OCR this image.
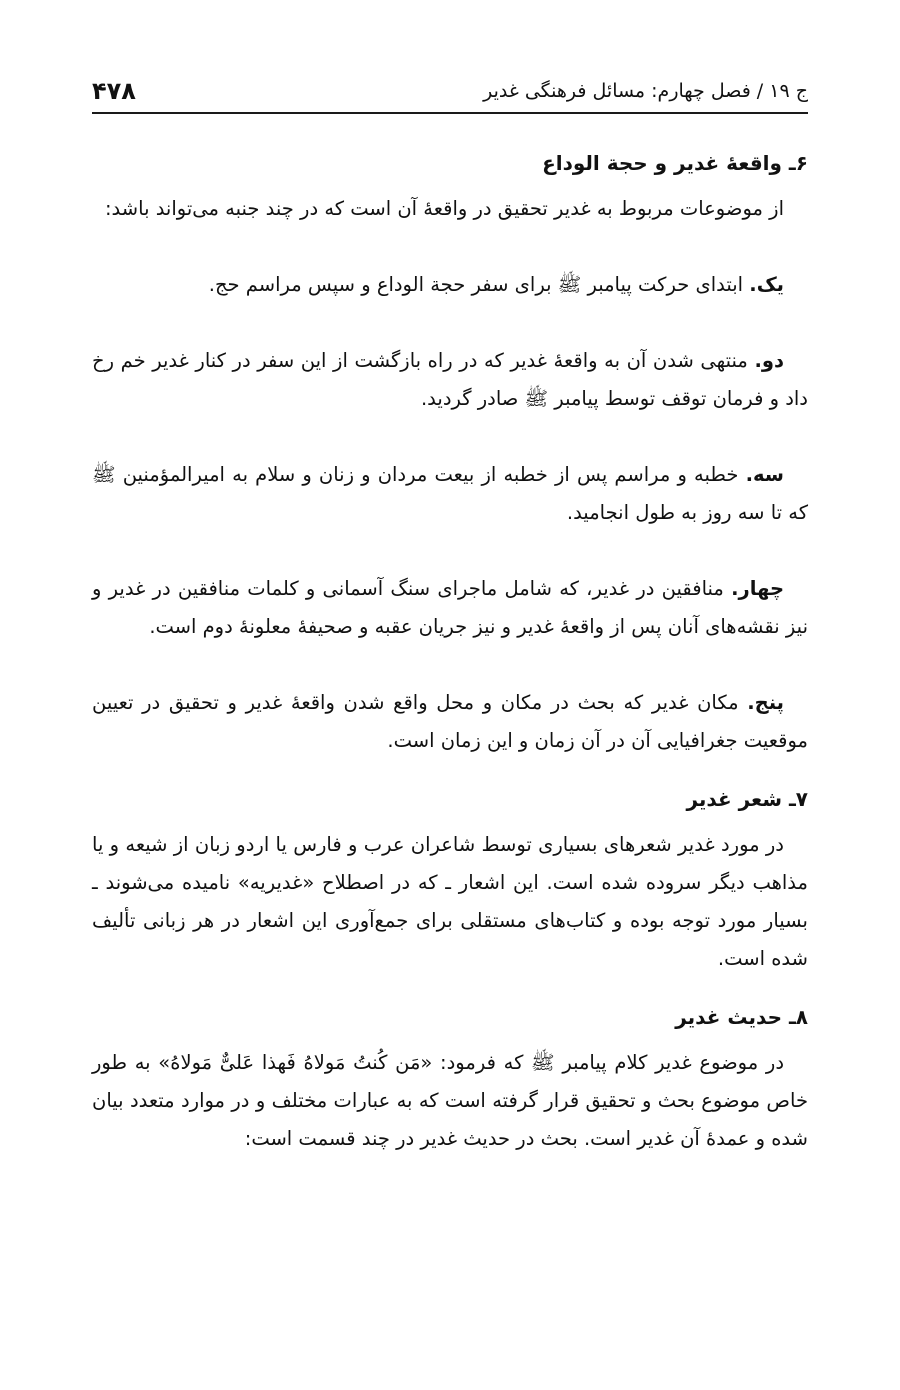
ج ۱۹ / فصل چهارم: مسائل فرهنگی غدیر
۴۷۸
۶ـ واقعۀ غدیر و حجة الوداع

از موضوعات مربوط به غدیر تحقیق در واقعۀ آن است که در چند جنبه می‌تواند باشد:

یک. ابتدای حرکت پیامبر ﷺ برای سفر حجة الوداع و سپس مراسم حج.

دو. منتهی شدن آن به واقعۀ غدیر که در راه بازگشت از این سفر در کنار غدیر خم رخ داد و فرمان توقف توسط پیامبر ﷺ صادر گردید.

سه. خطبه و مراسم پس از خطبه از بیعت مردان و زنان و سلام به امیرالمؤمنین ﷺ که تا سه روز به طول انجامید.

چهار. منافقین در غدیر، که شامل ماجرای سنگ آسمانی و کلمات منافقین در غدیر و نیز نقشه‌های آنان پس از واقعۀ غدیر و نیز جریان عقبه و صحیفۀ معلونۀ دوم است.

پنج. مکان غدیر که بحث در مکان و محل واقع شدن واقعۀ غدیر و تحقیق در تعیین موقعیت جغرافیایی آن در آن زمان و این زمان است.

۷ـ شعر غدیر

در مورد غدیر شعرهای بسیاری توسط شاعران عرب و فارس یا اردو زبان از شیعه و یا مذاهب دیگر سروده شده است. این اشعار ـ که در اصطلاح «غدیریه» نامیده می‌شوند ـ بسیار مورد توجه بوده و کتاب‌های مستقلی برای جمع‌آوری این اشعار در هر زبانی تألیف شده است.

۸ـ حدیث غدیر

در موضوع غدیر کلام پیامبر ﷺ که فرمود: «مَن کُنتُ مَولاهُ فَهذا عَلیٌّ مَولاهُ» به طور خاص موضوع بحث و تحقیق قرار گرفته است که به عبارات مختلف و در موارد متعدد بیان شده و عمدۀ آن غدیر است. بحث در حدیث غدیر در چند قسمت است:
